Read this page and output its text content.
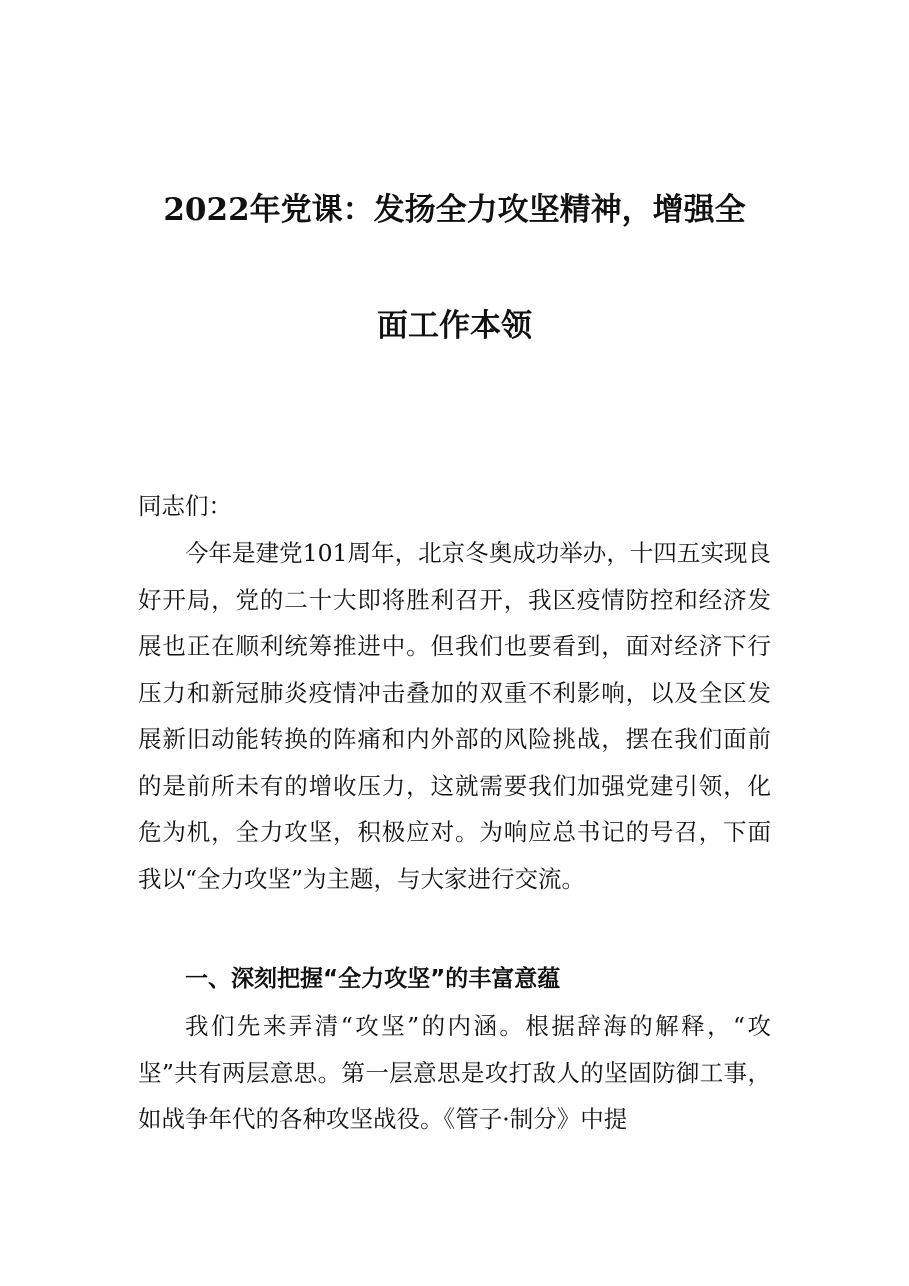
2022年党课：发扬全力攻坚精神，增强全
面工作本领

同志们：

今年是建党101周年，北京冬奥成功举办，十四五实现良好开局，党的二十大即将胜利召开，我区疫情防控和经济发展也正在顺利统筹推进中。但我们也要看到，面对经济下行压力和新冠肺炎疫情冲击叠加的双重不利影响，以及全区发展新旧动能转换的阵痛和内外部的风险挑战，摆在我们面前的是前所未有的增收压力，这就需要我们加强党建引领，化危为机，全力攻坚，积极应对。为响应总书记的号召，下面我以“全力攻坚”为主题，与大家进行交流。

一、深刻把握“全力攻坚”的丰富意蕴

我们先来弄清“攻坚”的内涵。根据辞海的解释，“攻坚”共有两层意思。第一层意思是攻打敌人的坚固防御工事，如战争年代的各种攻坚战役。《管子·制分》中提
